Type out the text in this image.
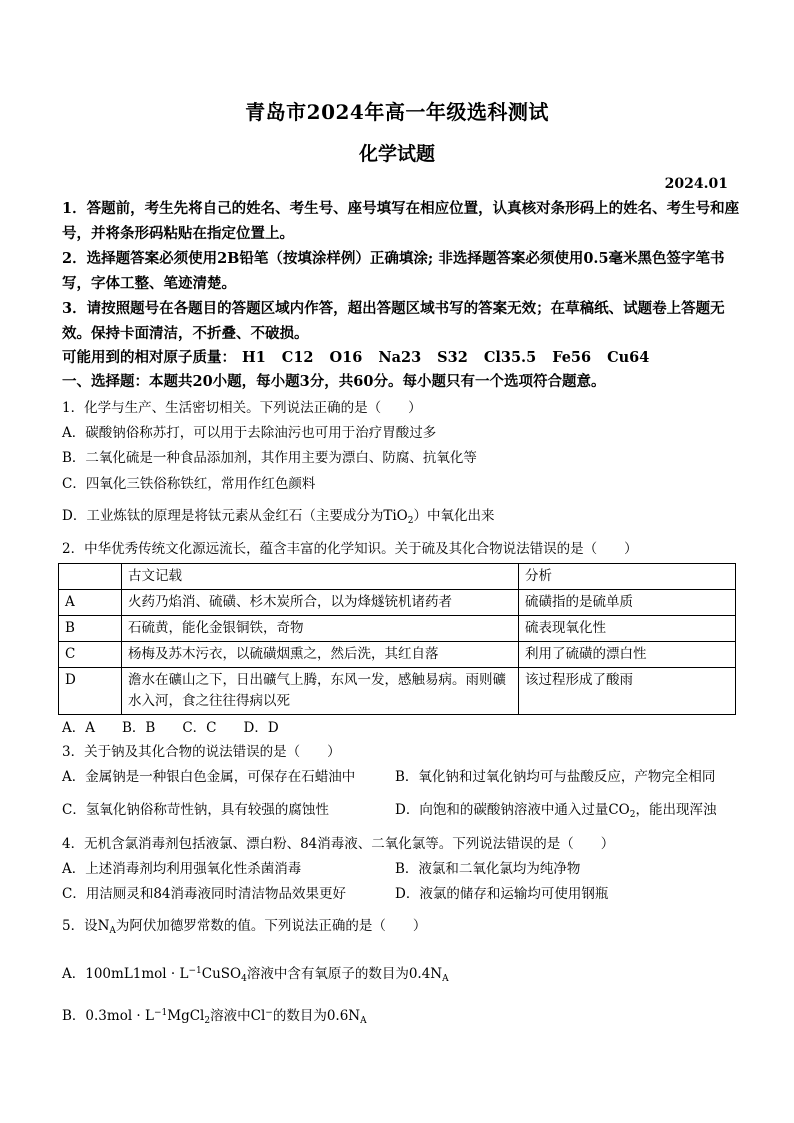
青岛市2024年高一年级选科测试
化学试题
2024.01
1．答题前，考生先将自己的姓名、考生号、座号填写在相应位置，认真核对条形码上的姓名、考生号和座号，并将条形码粘贴在指定位置上。
2．选择题答案必须使用2B铅笔（按填涂样例）正确填涂; 非选择题答案必须使用0.5毫米黑色签字笔书写，字体工整、笔迹清楚。
3．请按照题号在各题目的答题区域内作答，超出答题区域书写的答案无效；在草稿纸、试题卷上答题无效。保持卡面清洁，不折叠、不破损。
可能用到的相对原子质量： H1 C12 O16 Na23 S32 Cl35.5 Fe56 Cu64
一、选择题：本题共20小题，每小题3分，共60分。每小题只有一个选项符合题意。
1．化学与生产、生活密切相关。下列说法正确的是（　　）
A．碳酸钠俗称苏打，可以用于去除油污也可用于治疗胃酸过多
B．二氧化硫是一种食品添加剂，其作用主要为漂白、防腐、抗氧化等
C．四氧化三铁俗称铁红，常用作红色颜料
D．工业炼钛的原理是将钛元素从金红石（主要成分为TiO$_2$）中氧化出来
2．中华优秀传统文化源远流长，蕴含丰富的化学知识。关于硫及其化合物说法错误的是（　　）
	古文记载	分析
A	火药乃焰消、硫磺、杉木炭所合，以为烽燧铳机诸药者	硫磺指的是硫单质
B	石硫黄，能化金银铜铁，奇物	硫表现氧化性
C	杨梅及苏木污衣，以硫磺烟熏之，然后洗，其红自落	利用了硫磺的漂白性
D	澹水在礦山之下，日出礦气上腾，东风一发，感触易病。雨则礦水入河，食之往往得病以死	该过程形成了酸雨
A．A　　B．B　　C．C　　D．D
3．关于钠及其化合物的说法错误的是（　　）
A．金属钠是一种银白色金属，可保存在石蜡油中	B．氧化钠和过氧化钠均可与盐酸反应，产物完全相同
C．氢氧化钠俗称苛性钠，具有较强的腐蚀性	D．向饱和的碳酸钠溶液中通入过量$CO_2$，能出现浑浊
4．无机含氯消毒剂包括液氯、漂白粉、84消毒液、二氧化氯等。下列说法错误的是（　　）
A．上述消毒剂均利用强氧化性杀菌消毒	B．液氯和二氧化氯均为纯净物
C．用洁厕灵和84消毒液同时清洁物品效果更好	D．液氯的储存和运输均可使用钢瓶
5．设$N_A$为阿伏加德罗常数的值。下列说法正确的是（　　）
A．$100mL1mol \cdot L^{-1}CuSO_4$溶液中含有氧原子的数目为$0.4N_A$
B．$0.3mol \cdot L^{-1}MgCl_2$溶液中Cl−的数目为$0.6N_A$
